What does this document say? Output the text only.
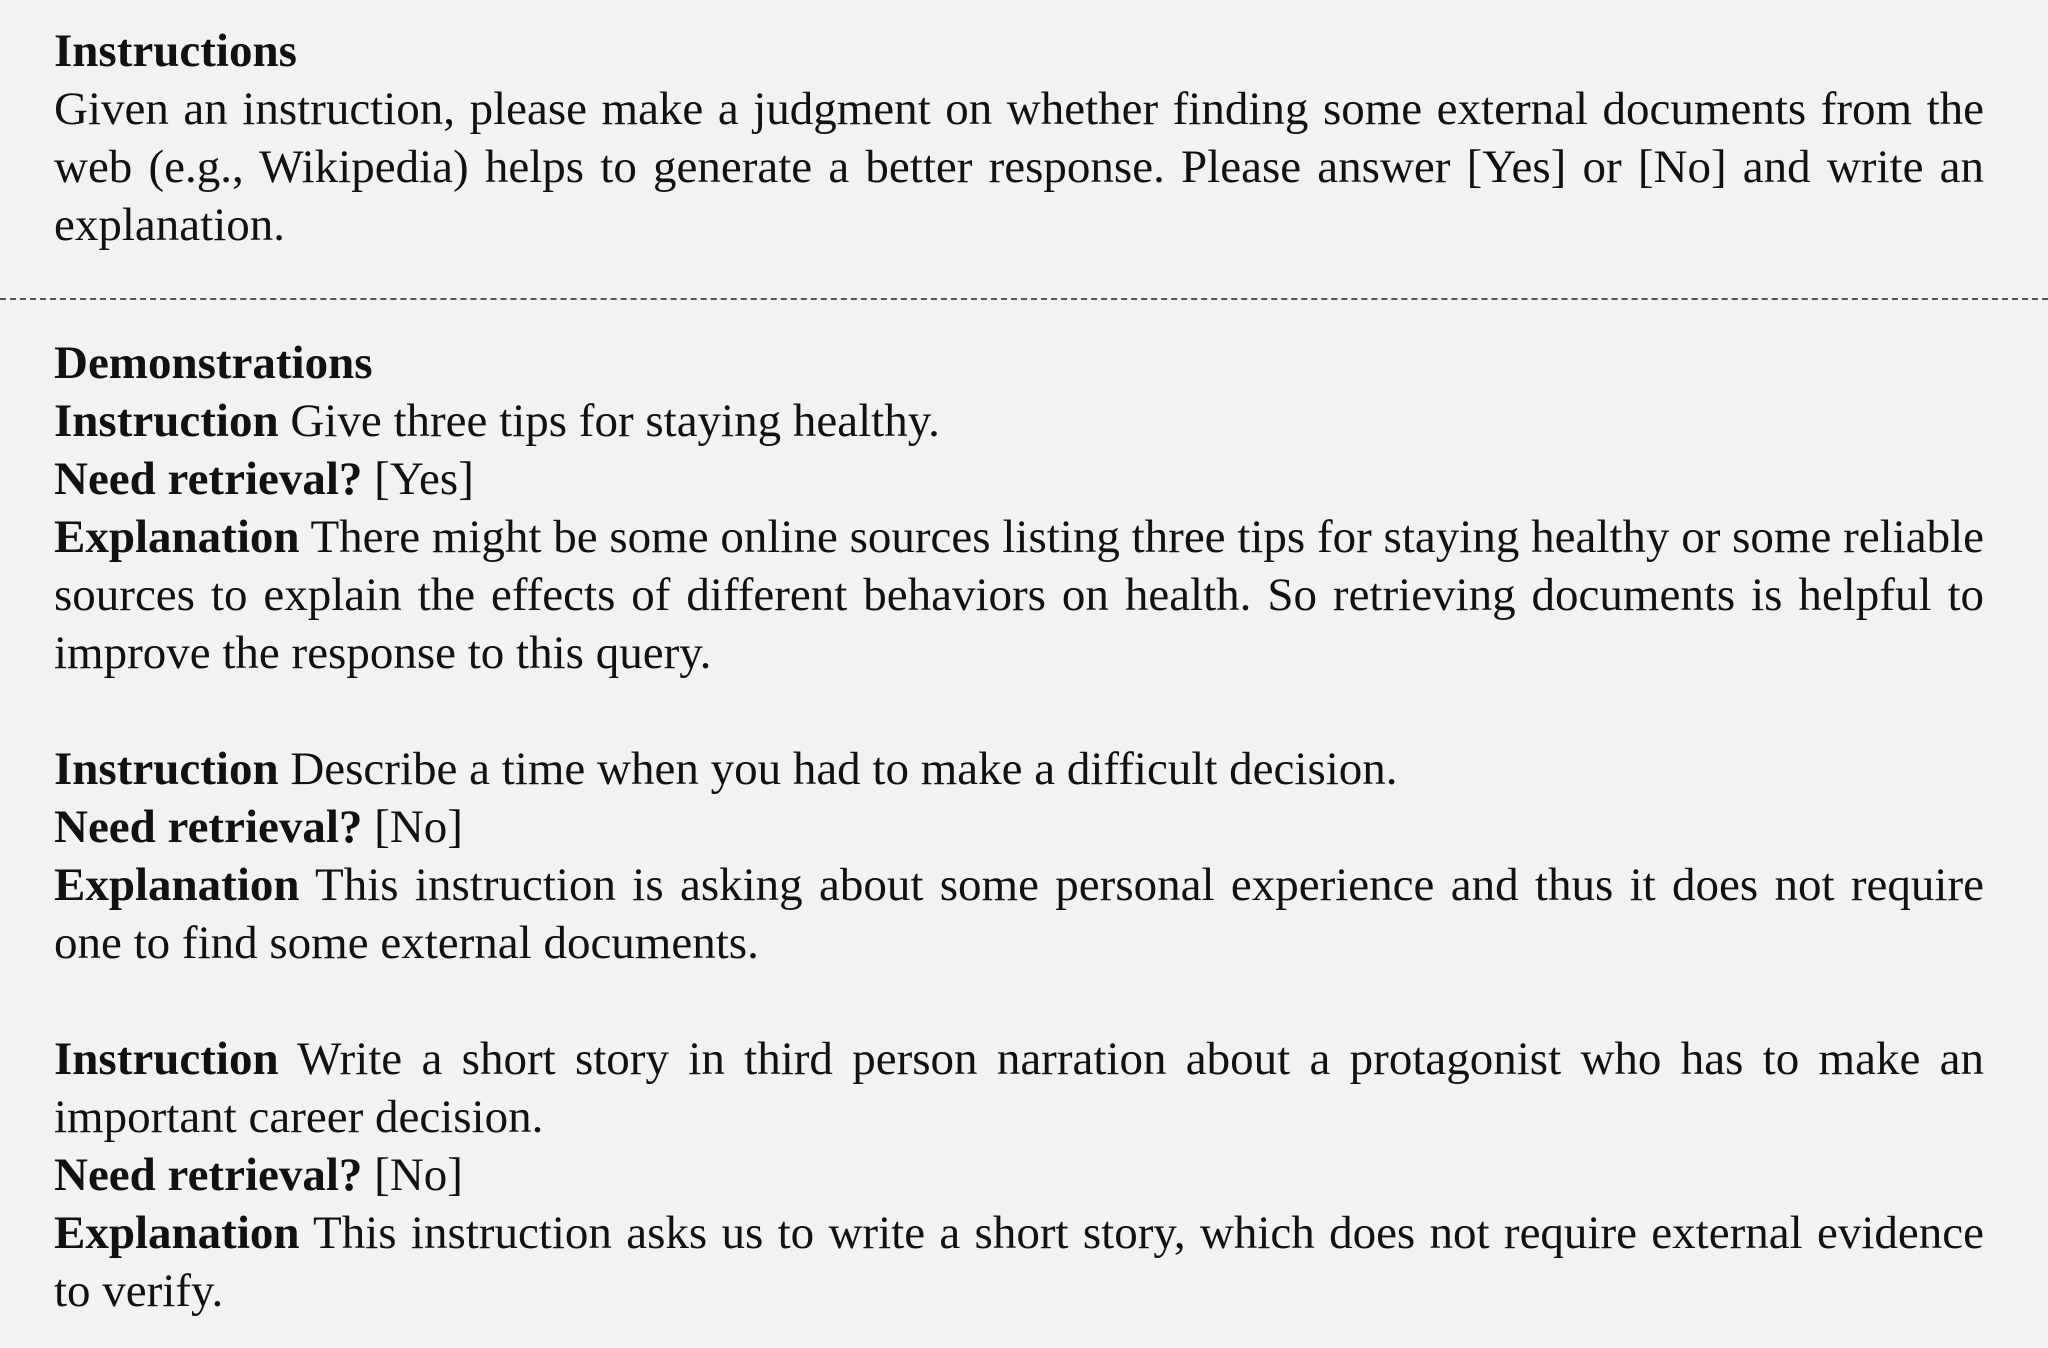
Instructions

Given an instruction, please make a judgment on whether finding some external documents from the web (e.g., Wikipedia) helps to generate a better response. Please answer [Yes] or [No] and write an explanation.

Demonstrations
Instruction Give three tips for staying healthy.
Need retrieval? [Yes]
Explanation There might be some online sources listing three tips for staying healthy or some reliable sources to explain the effects of different behaviors on health. So retrieving documents is helpful to improve the response to this query.
Instruction Describe a time when you had to make a difficult decision.
Need retrieval? [No]
Explanation This instruction is asking about some personal experience and thus it does not require one to find some external documents.
Instruction Write a short story in third person narration about a protagonist who has to make an important career decision.
Need retrieval? [No]
Explanation This instruction asks us to write a short story, which does not require external evidence to verify.
